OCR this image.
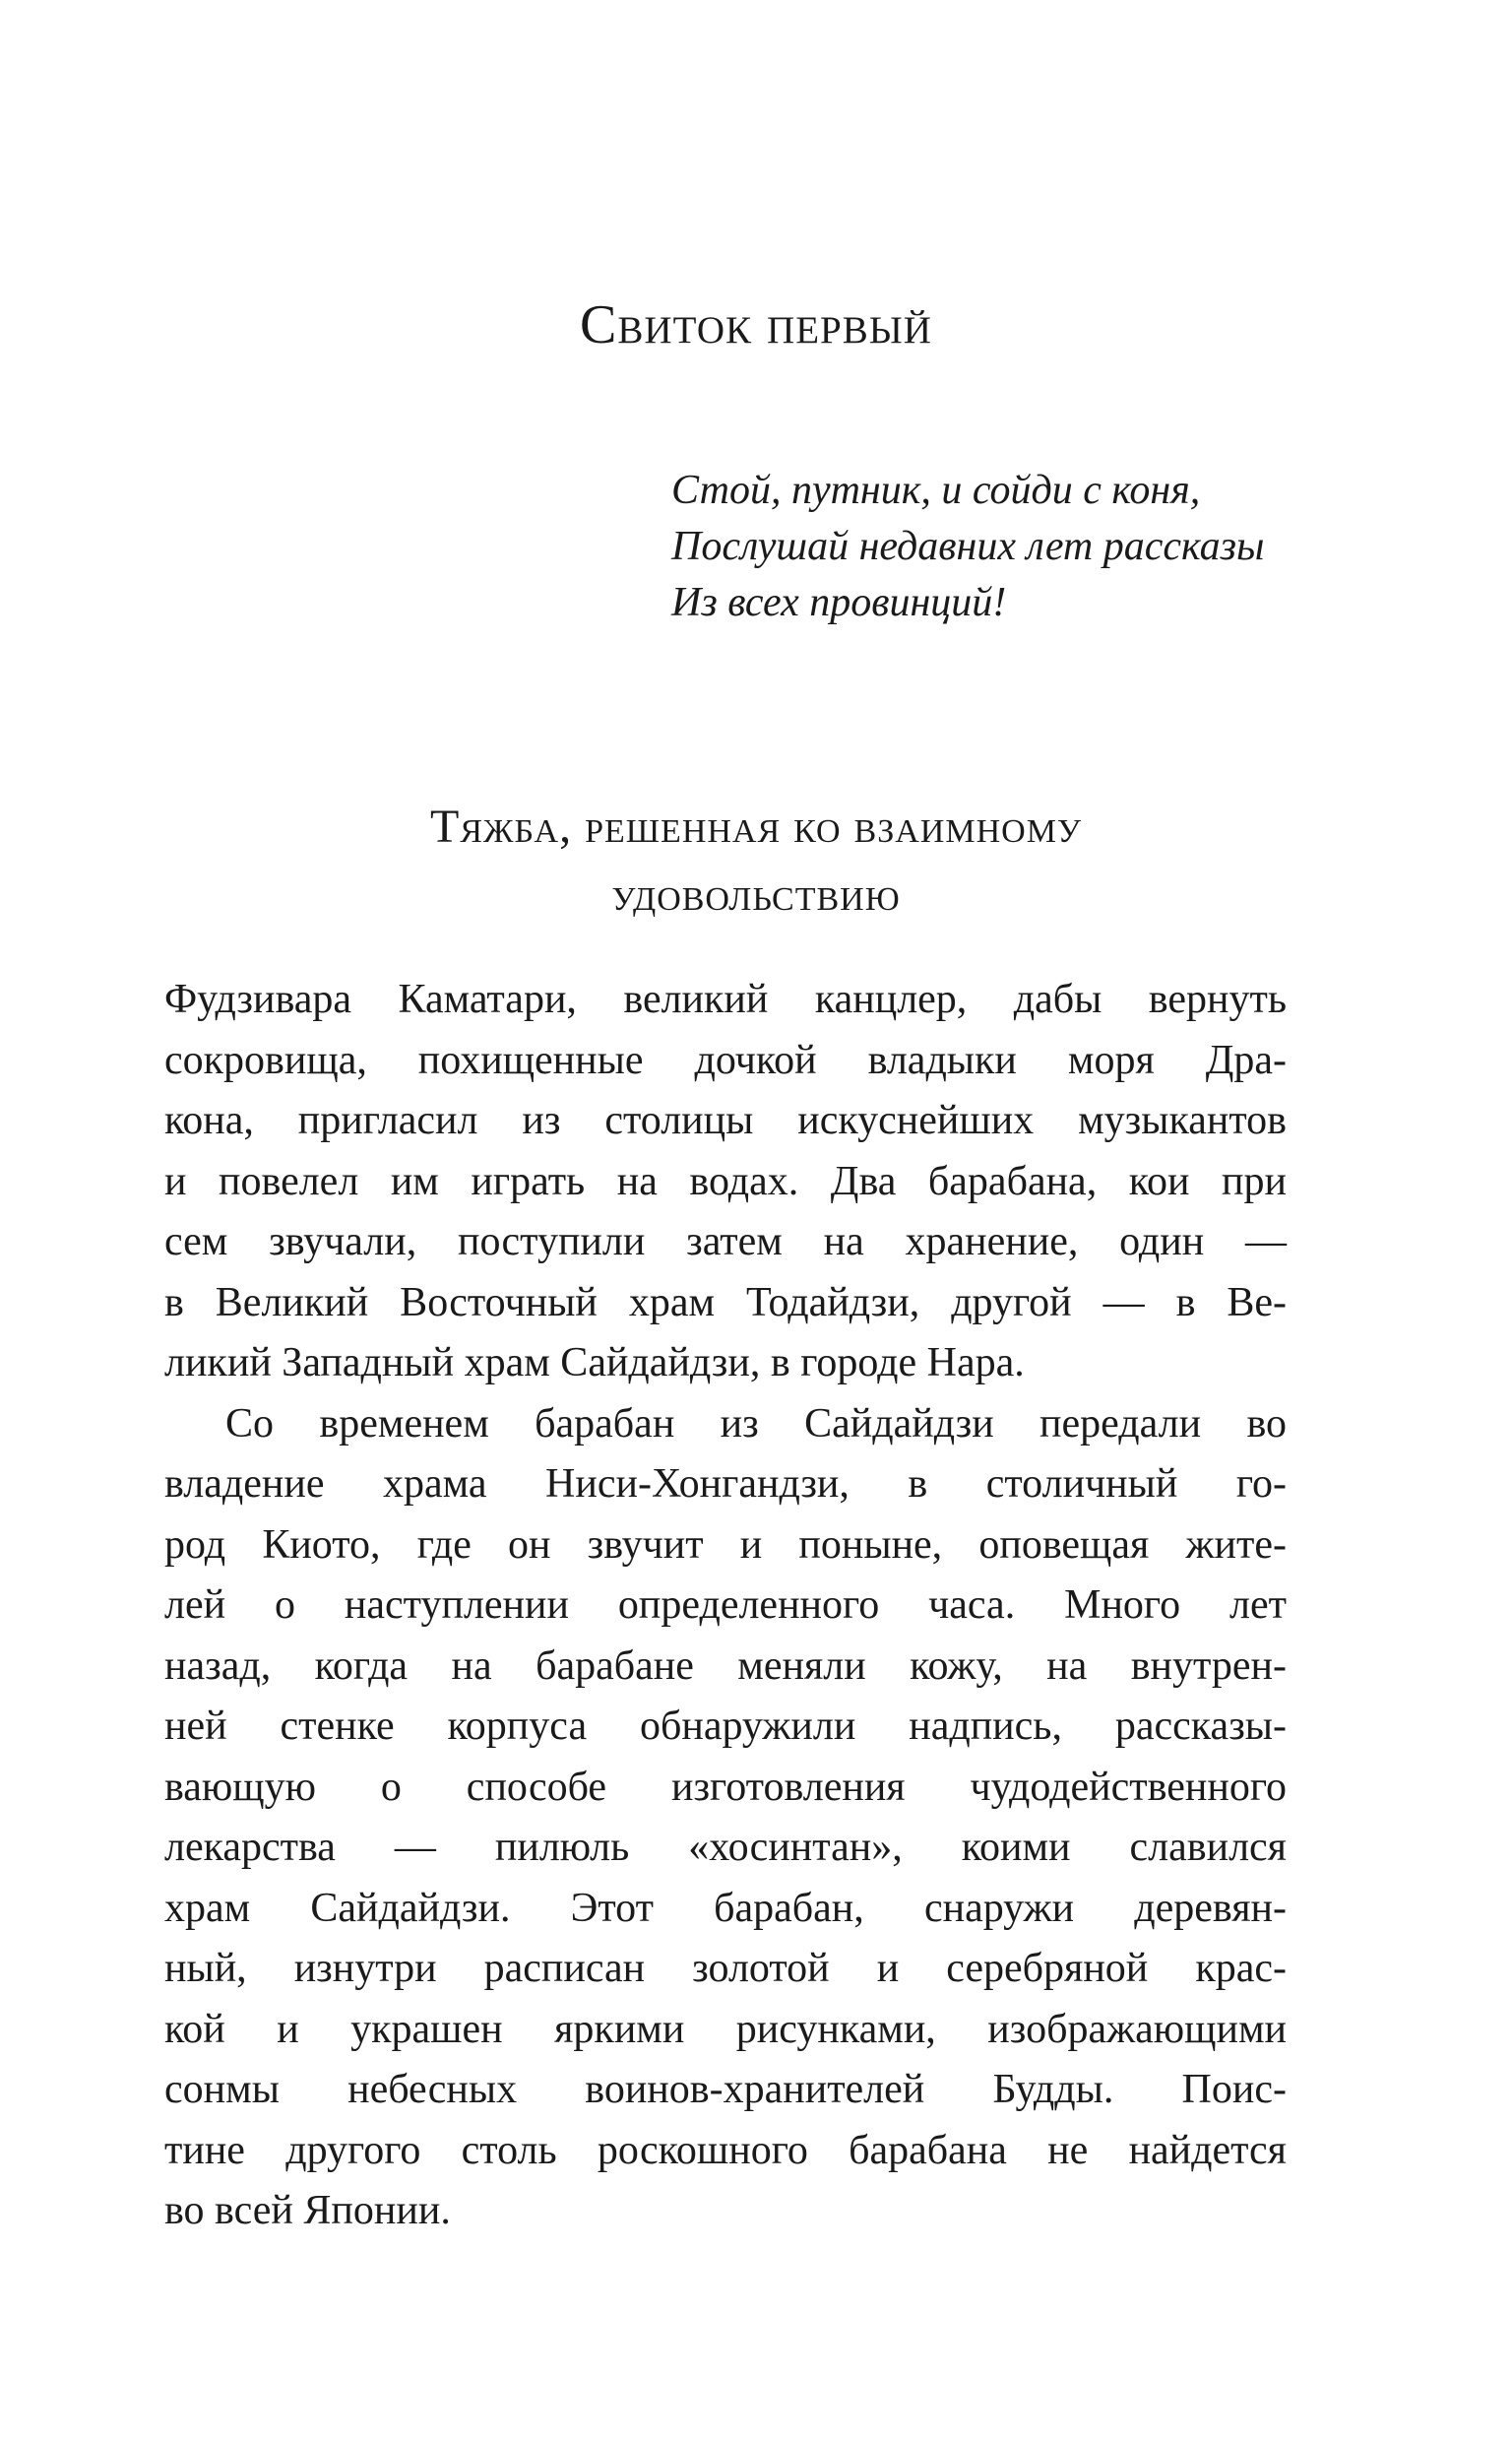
Свиток первый
Стой, путник, и сойди с коня,
Послушай недавних лет рассказы
Из всех провинций!
Тяжба, решенная ко взаимному
удовольствию
Фудзивара Каматари, великий канцлер, дабы вернуть
сокровища, похищенные дочкой владыки моря Дра-
кона, пригласил из столицы искуснейших музыкантов
и повелел им играть на водах. Два барабана, кои при
сем звучали, поступили затем на хранение, один —
в Великий Восточный храм Тодайдзи, другой — в Ве-
ликий Западный храм Сайдайдзи, в городе Нара.
Со временем барабан из Сайдайдзи передали во
владение храма Ниси-Хонгандзи, в столичный го-
род Киото, где он звучит и поныне, оповещая жите-
лей о наступлении определенного часа. Много лет
назад, когда на барабане меняли кожу, на внутрен-
ней стенке корпуса обнаружили надпись, рассказы-
вающую о способе изготовления чудодейственного
лекарства — пилюль «хосинтан», коими славился
храм Сайдайдзи. Этот барабан, снаружи деревян-
ный, изнутри расписан золотой и серебряной крас-
кой и украшен яркими рисунками, изображающими
сонмы небесных воинов-хранителей Будды. Поис-
тине другого столь роскошного барабана не найдется
во всей Японии.
